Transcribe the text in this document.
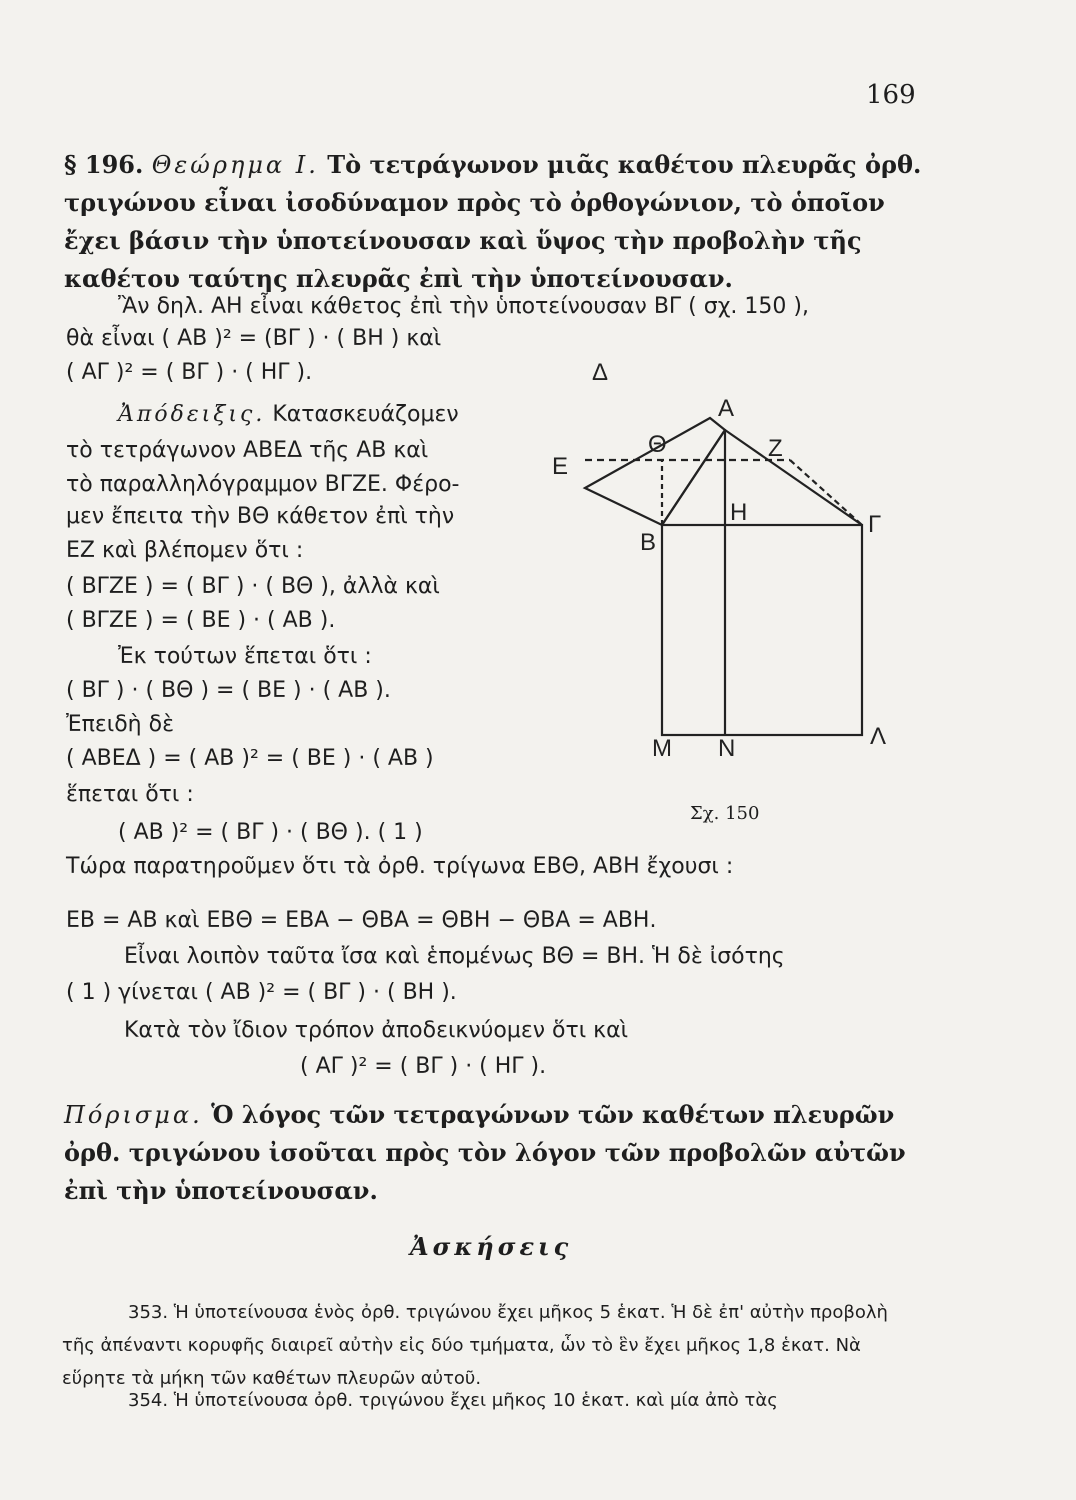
169
§ 196. Θεώρημα Ι. Τὸ τετράγωνον μιᾶς καθέτου πλευρᾶς ὀρθ. τριγώνου εἶναι ἰσοδύναμον πρὸς τὸ ὀρθογώνιον, τὸ ὁποῖον ἔχει βάσιν τὴν ὑποτείνουσαν καὶ ὕψος τὴν προβολὴν τῆς καθέτου ταύτης πλευρᾶς ἐπὶ τὴν ὑποτείνουσαν.
Ἂν δηλ. ΑΗ εἶναι κάθετος ἐπὶ τὴν ὑποτείνουσαν ΒΓ ( σχ. 150 ),
θὰ εἶναι ( ΑΒ )² = (ΒΓ ) · ( ΒΗ ) καὶ
( ΑΓ )² = ( ΒΓ ) · ( ΗΓ ).
Ἀπόδειξις. Κατασκευάζομεν
τὸ τετράγωνον ΑΒΕΔ τῆς ΑΒ καὶ
τὸ παραλληλόγραμμον ΒΓΖΕ. Φέρο-
μεν ἔπειτα τὴν ΒΘ κάθετον ἐπὶ τὴν
ΕΖ καὶ βλέπομεν ὅτι :
( ΒΓΖΕ ) = ( ΒΓ ) · ( ΒΘ ), ἀλλὰ καὶ
( ΒΓΖΕ ) = ( ΒΕ ) · ( ΑΒ ).
Ἐκ τούτων ἕπεται ὅτι :
( ΒΓ ) · ( ΒΘ ) = ( ΒΕ ) · ( ΑΒ ).
Ἐπειδὴ δὲ
( ΑΒΕΔ ) = ( ΑΒ )² = ( ΒΕ ) · ( ΑΒ )
ἕπεται ὅτι :
( ΑΒ )² = ( ΒΓ ) · ( ΒΘ ). ( 1 )
Τώρα παρατηροῦμεν ὅτι τὰ ὀρθ. τρίγωνα ΕΒΘ, ΑΒΗ ἔχουσι :
ΕΒ = ΑΒ καὶ ΕΒΘ = ΕΒΑ − ΘΒΑ = ΘΒΗ − ΘΒΑ = ΑΒΗ.
Εἶναι λοιπὸν ταῦτα ἴσα καὶ ἑπομένως ΒΘ = ΒΗ. Ἡ δὲ ἰσότης
( 1 ) γίνεται ( ΑΒ )² = ( ΒΓ ) · ( ΒΗ ).
Κατὰ τὸν ἴδιον τρόπον ἀποδεικνύομεν ὅτι καὶ
( ΑΓ )² = ( ΒΓ ) · ( ΗΓ ).
Πόρισμα. Ὁ λόγος τῶν τετραγώνων τῶν καθέτων πλευρῶν ὀρθ. τριγώνου ἰσοῦται πρὸς τὸν λόγον τῶν προβολῶν αὐτῶν ἐπὶ τὴν ὑποτείνουσαν.
Ἀσκήσεις
353. Ἡ ὑποτείνουσα ἑνὸς ὀρθ. τριγώνου ἔχει μῆκος 5 ἑκατ. Ἡ δὲ ἐπ' αὐτὴν προβολὴ τῆς ἀπέναντι κορυφῆς διαιρεῖ αὐτὴν εἰς δύο τμήματα, ὧν τὸ ἓν ἔχει μῆκος 1,8 ἑκατ. Νὰ εὕρητε τὰ μήκη τῶν καθέτων πλευρῶν αὐτοῦ.
354. Ἡ ὑποτείνουσα ὀρθ. τριγώνου ἔχει μῆκος 10 ἑκατ. καὶ μία ἀπὸ τὰς
Δ
Α
Θ	Ζ
Ε
Η
Β
Γ
Μ Ν	Λ
Σχ. 150
